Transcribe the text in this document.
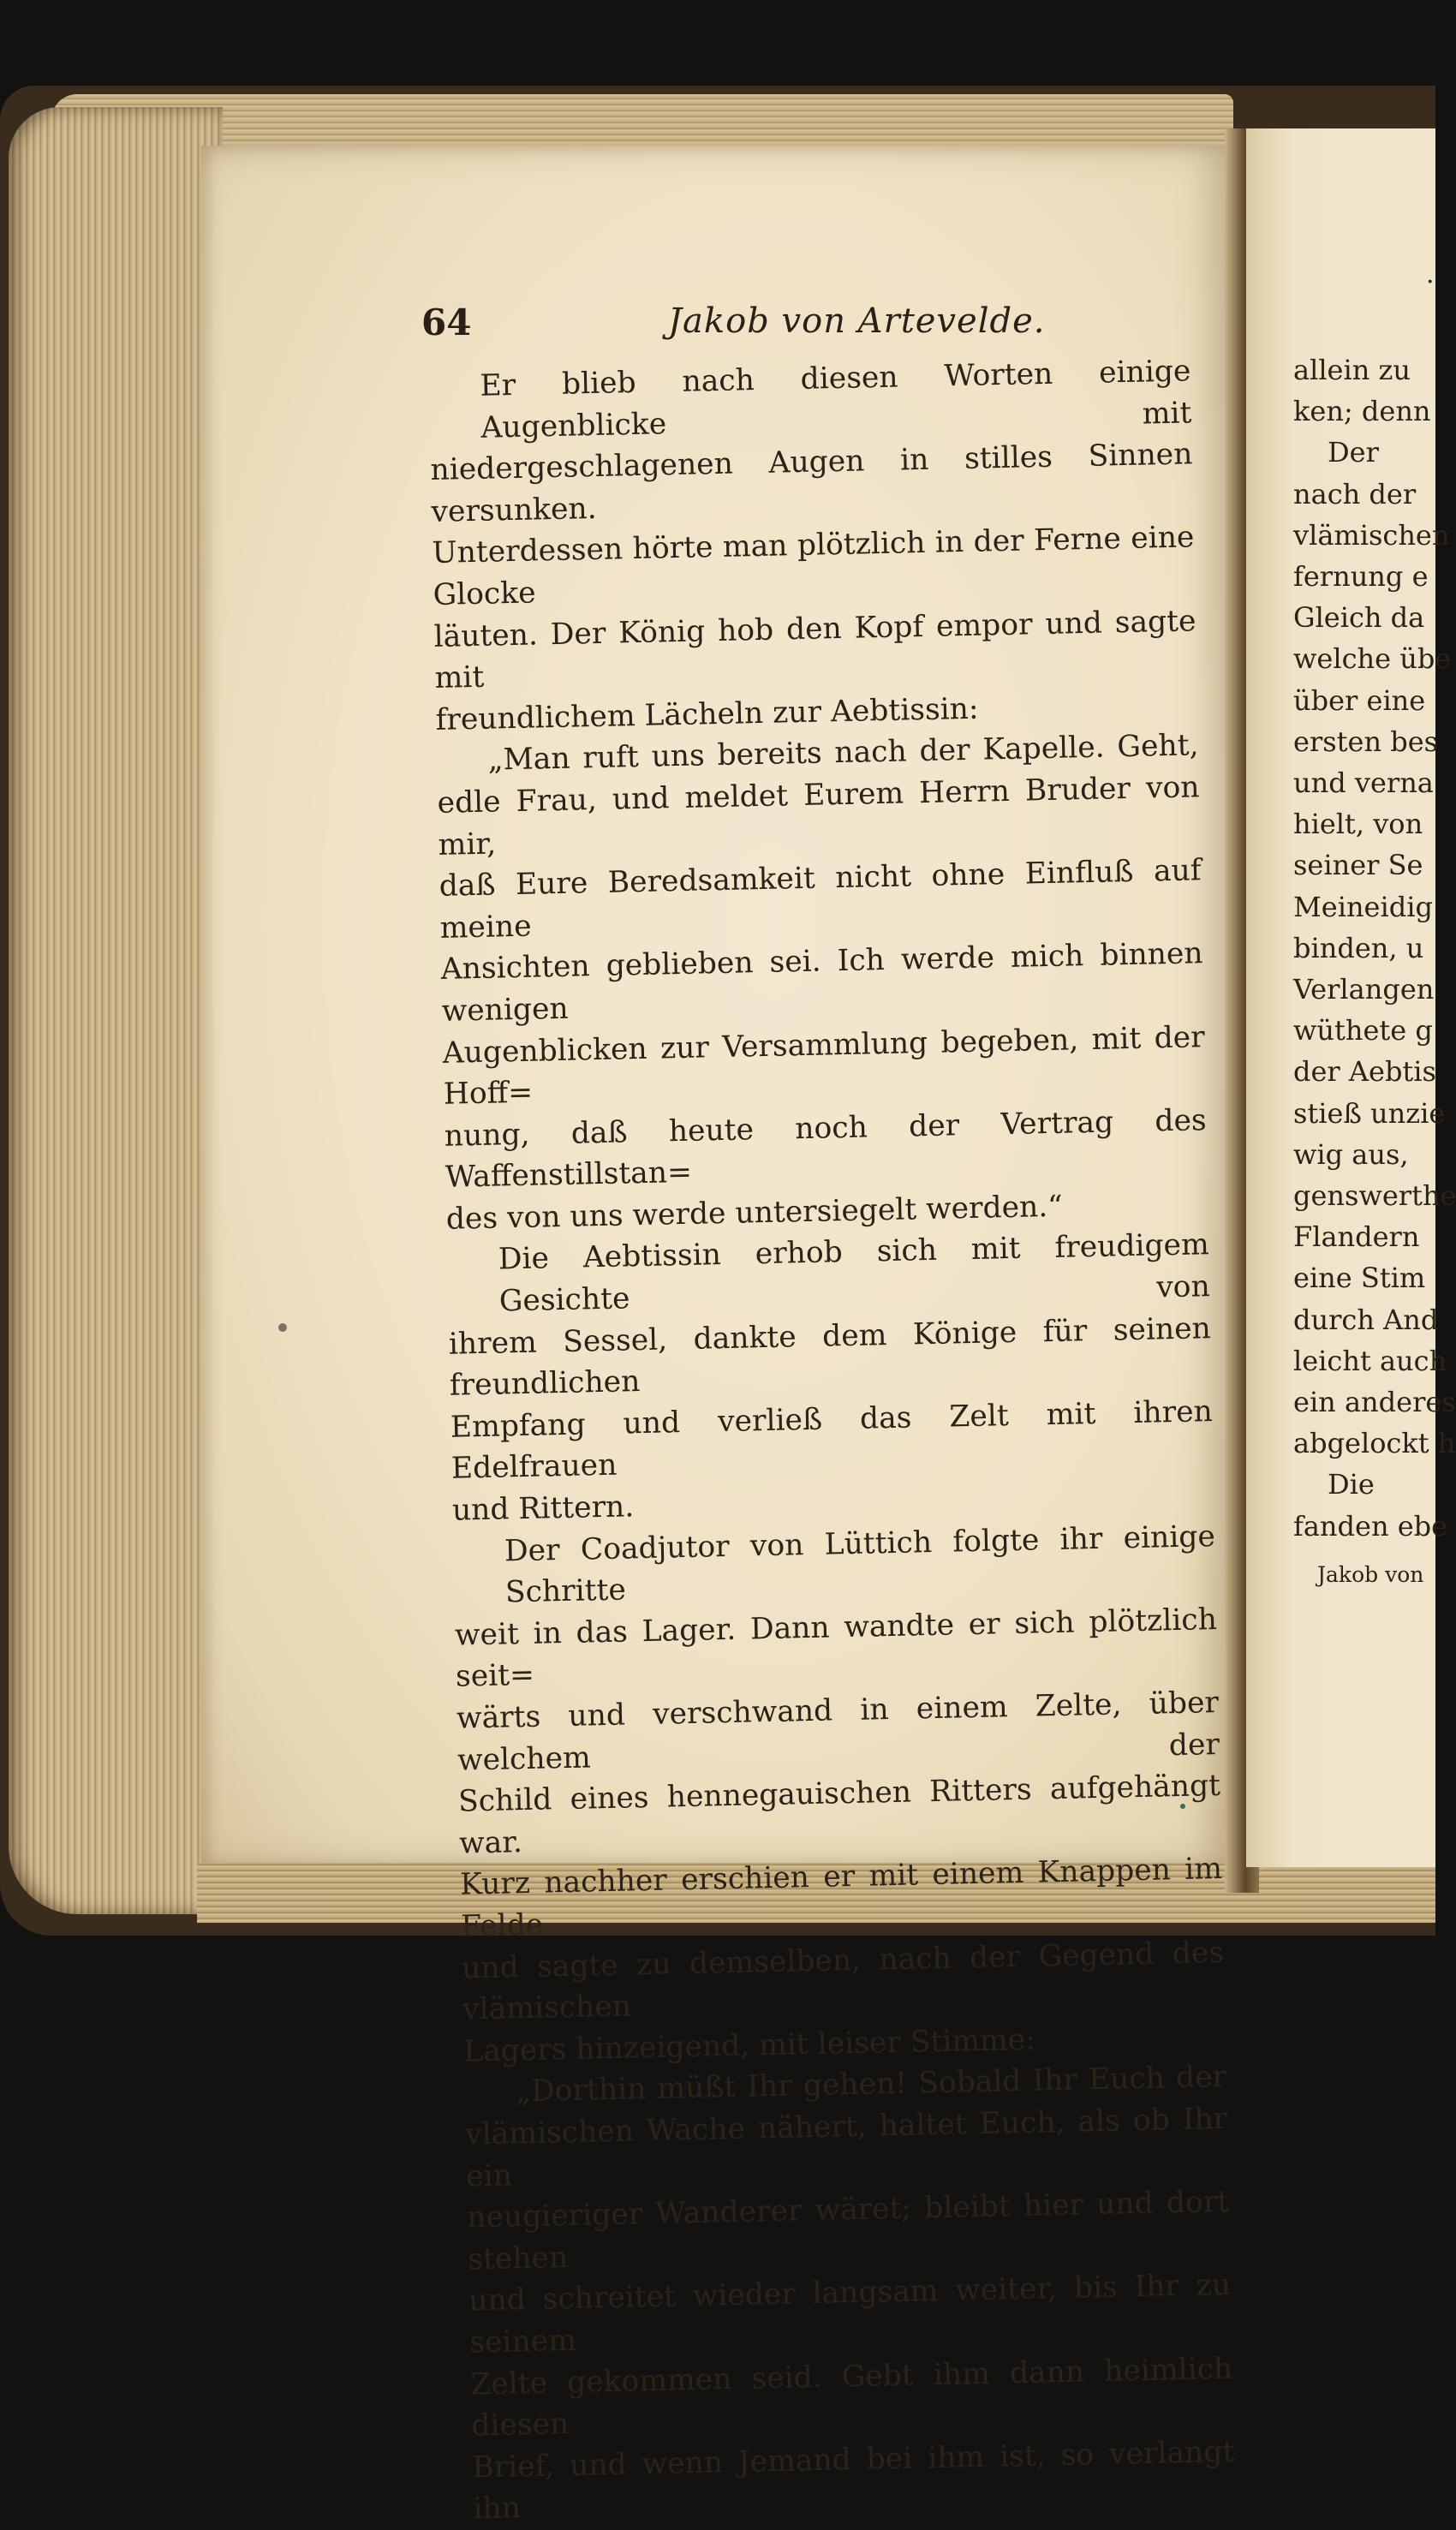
64	Jakob von Artevelde.
Er blieb nach diesen Worten einige Augenblicke mit
niedergeschlagenen Augen in stilles Sinnen versunken.
Unterdessen hörte man plötzlich in der Ferne eine Glocke
läuten. Der König hob den Kopf empor und sagte mit
freundlichem Lächeln zur Aebtissin:
„Man ruft uns bereits nach der Kapelle. Geht,
edle Frau, und meldet Eurem Herrn Bruder von mir,
daß Eure Beredsamkeit nicht ohne Einfluß auf meine
Ansichten geblieben sei. Ich werde mich binnen wenigen
Augenblicken zur Versammlung begeben, mit der Hoff=
nung, daß heute noch der Vertrag des Waffenstillstan=
des von uns werde untersiegelt werden.“
Die Aebtissin erhob sich mit freudigem Gesichte von
ihrem Sessel, dankte dem Könige für seinen freundlichen
Empfang und verließ das Zelt mit ihren Edelfrauen
und Rittern.
Der Coadjutor von Lüttich folgte ihr einige Schritte
weit in das Lager. Dann wandte er sich plötzlich seit=
wärts und verschwand in einem Zelte, über welchem der
Schild eines hennegauischen Ritters aufgehängt war.
Kurz nachher erschien er mit einem Knappen im Felde
und sagte zu demselben, nach der Gegend des vlämischen
Lagers hinzeigend, mit leiser Stimme:
„Dorthin müßt Ihr gehen! Sobald Ihr Euch der
vlämischen Wache nähert, haltet Euch, als ob Ihr ein
neugieriger Wanderer wäret; bleibt hier und dort stehen
und schreitet wieder langsam weiter, bis Ihr zu seinem
Zelte gekommen seid. Gebt ihm dann heimlich diesen
Brief, und wenn Jemand bei ihm ist, so verlangt ihn
·
allein zu
ken; denn
Der
nach der
vlämischen
fernung e
Gleich da
welche übe
über eine
ersten bes
und verna
hielt, von
seiner Se
Meineidig
binden, u
Verlangen
wüthete g
der Aebtis
stieß unzie
wig aus,
genswerthe
Flandern
eine Stim
durch And
leicht auch
ein anderes
abgelockt h
Die
fanden ebe
Jakob von
